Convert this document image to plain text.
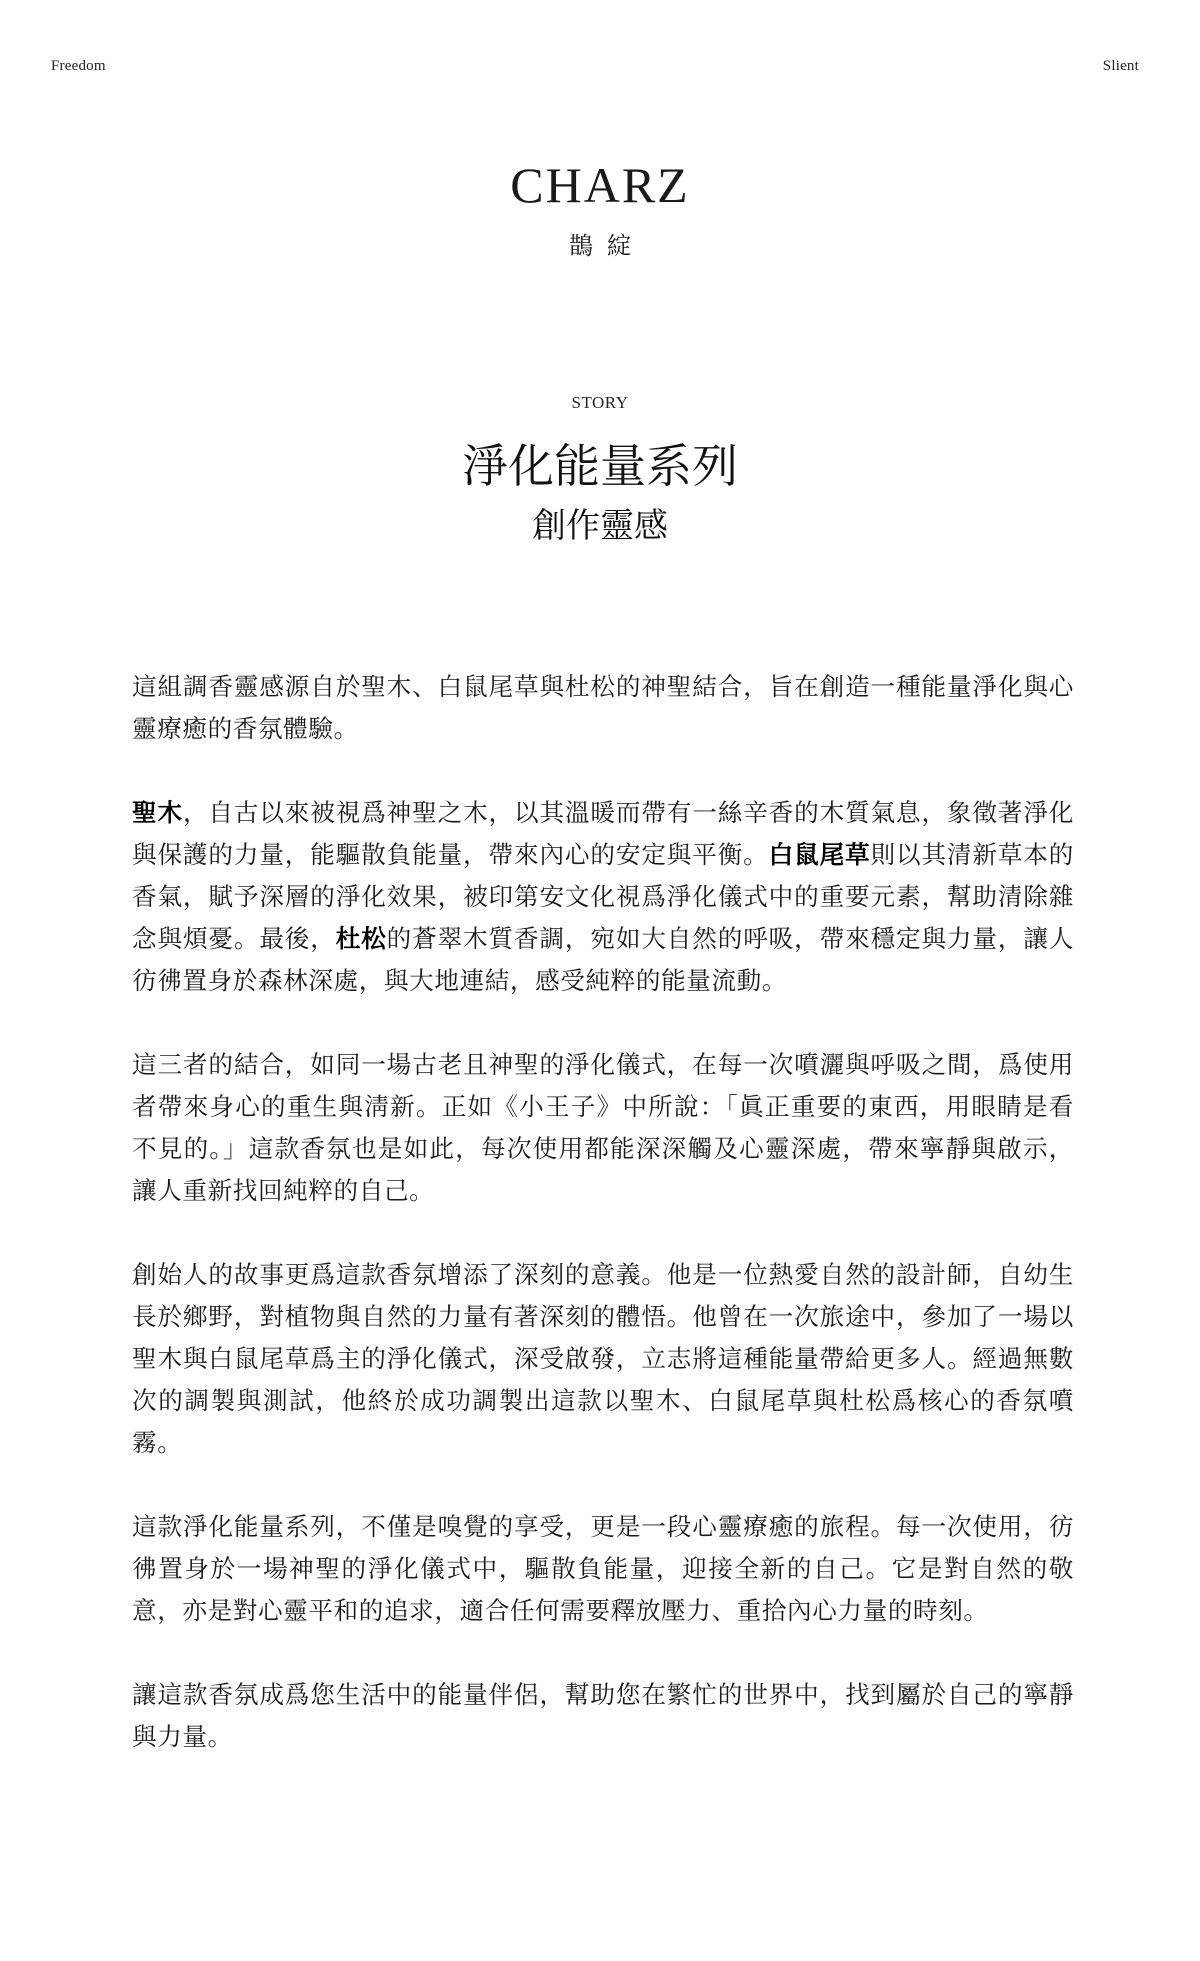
Freedom	Slient
CHARZ
鵲綻
STORY
淨化能量系列
創作靈感

這組調香靈感源自於聖木、白鼠尾草與杜松的神聖結合，旨在創造一種能量淨化與心靈療癒的香氛體驗。

聖木，自古以來被視爲神聖之木，以其溫暖而帶有一絲辛香的木質氣息，象徵著淨化與保護的力量，能驅散負能量，帶來內心的安定與平衡。白鼠尾草則以其清新草本的香氣，賦予深層的淨化效果，被印第安文化視爲淨化儀式中的重要元素，幫助清除雜念與煩憂。最後，杜松的蒼翠木質香調，宛如大自然的呼吸，帶來穩定與力量，讓人彷彿置身於森林深處，與大地連結，感受純粹的能量流動。

這三者的結合，如同一場古老且神聖的淨化儀式，在每一次噴灑與呼吸之間，爲使用者帶來身心的重生與淸新。正如《小王子》中所說：「眞正重要的東西，用眼睛是看不見的。」這款香氛也是如此，每次使用都能深深觸及心靈深處，帶來寧靜與啟示，讓人重新找回純粹的自己。

創始人的故事更爲這款香氛增添了深刻的意義。他是一位熱愛自然的設計師，自幼生長於鄉野，對植物與自然的力量有著深刻的體悟。他曾在一次旅途中，參加了一場以聖木與白鼠尾草爲主的淨化儀式，深受啟發，立志將這種能量帶給更多人。經過無數次的調製與測試，他終於成功調製出這款以聖木、白鼠尾草與杜松爲核心的香氛噴霧。

這款淨化能量系列，不僅是嗅覺的享受，更是一段心靈療癒的旅程。每一次使用，彷彿置身於一場神聖的淨化儀式中，驅散負能量，迎接全新的自己。它是對自然的敬意，亦是對心靈平和的追求，適合任何需要釋放壓力、重拾內心力量的時刻。

讓這款香氛成爲您生活中的能量伴侶，幫助您在繁忙的世界中，找到屬於自己的寧靜與力量。
